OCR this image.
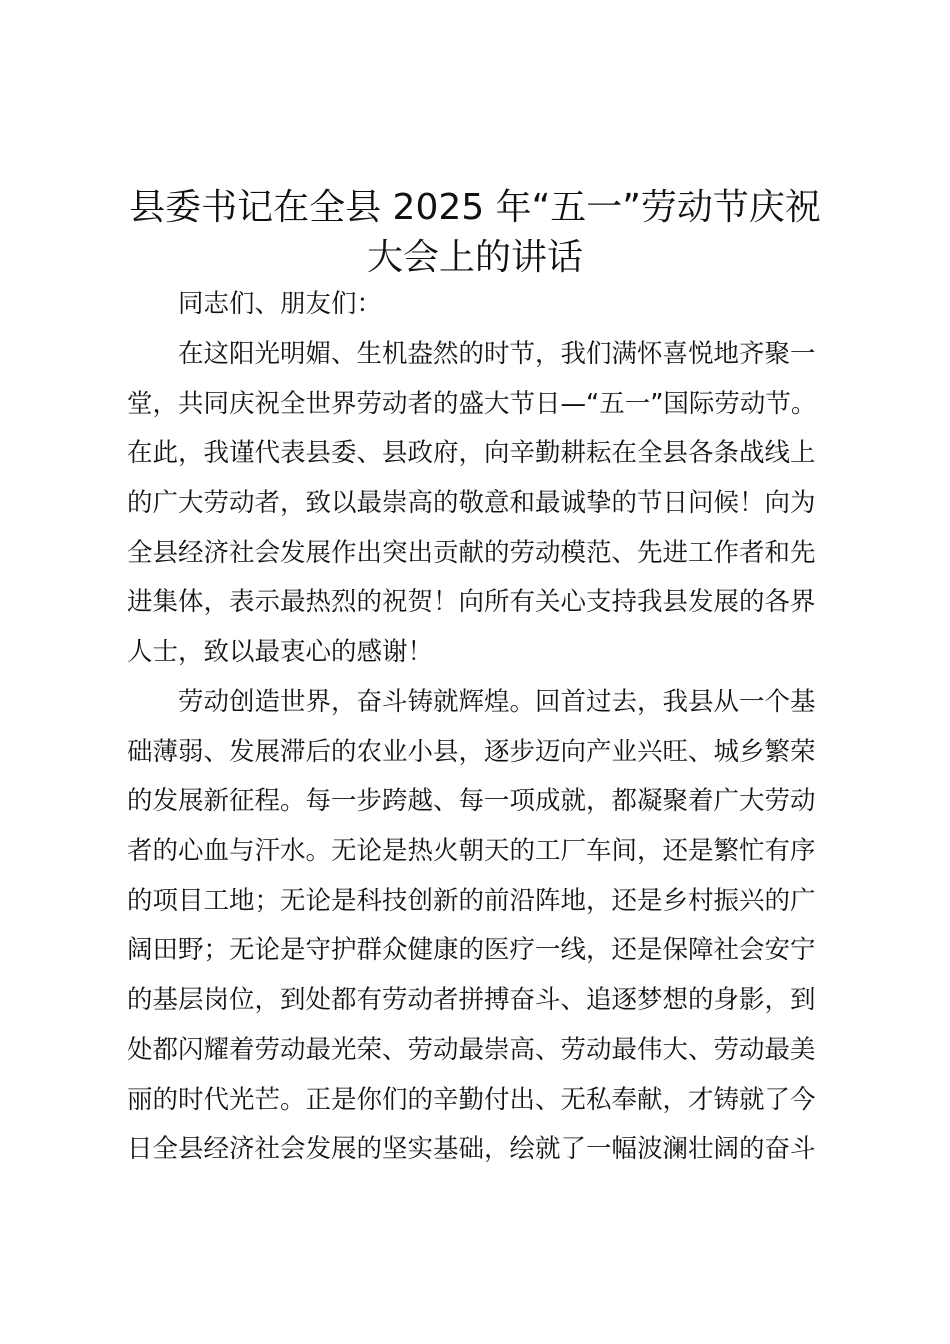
县委书记在全县 2025 年“五一”劳动节庆祝
大会上的讲话
同志们、朋友们：
在这阳光明媚、生机盎然的时节，我们满怀喜悦地齐聚一
堂，共同庆祝全世界劳动者的盛大节日—“五一”国际劳动节。
在此，我谨代表县委、县政府，向辛勤耕耘在全县各条战线上
的广大劳动者，致以最崇高的敬意和最诚挚的节日问候！向为
全县经济社会发展作出突出贡献的劳动模范、先进工作者和先
进集体，表示最热烈的祝贺！向所有关心支持我县发展的各界
人士，致以最衷心的感谢！
劳动创造世界，奋斗铸就辉煌。回首过去，我县从一个基
础薄弱、发展滞后的农业小县，逐步迈向产业兴旺、城乡繁荣
的发展新征程。每一步跨越、每一项成就，都凝聚着广大劳动
者的心血与汗水。无论是热火朝天的工厂车间，还是繁忙有序
的项目工地；无论是科技创新的前沿阵地，还是乡村振兴的广
阔田野；无论是守护群众健康的医疗一线，还是保障社会安宁
的基层岗位，到处都有劳动者拼搏奋斗、追逐梦想的身影，到
处都闪耀着劳动最光荣、劳动最崇高、劳动最伟大、劳动最美
丽的时代光芒。正是你们的辛勤付出、无私奉献，才铸就了今
日全县经济社会发展的坚实基础，绘就了一幅波澜壮阔的奋斗
